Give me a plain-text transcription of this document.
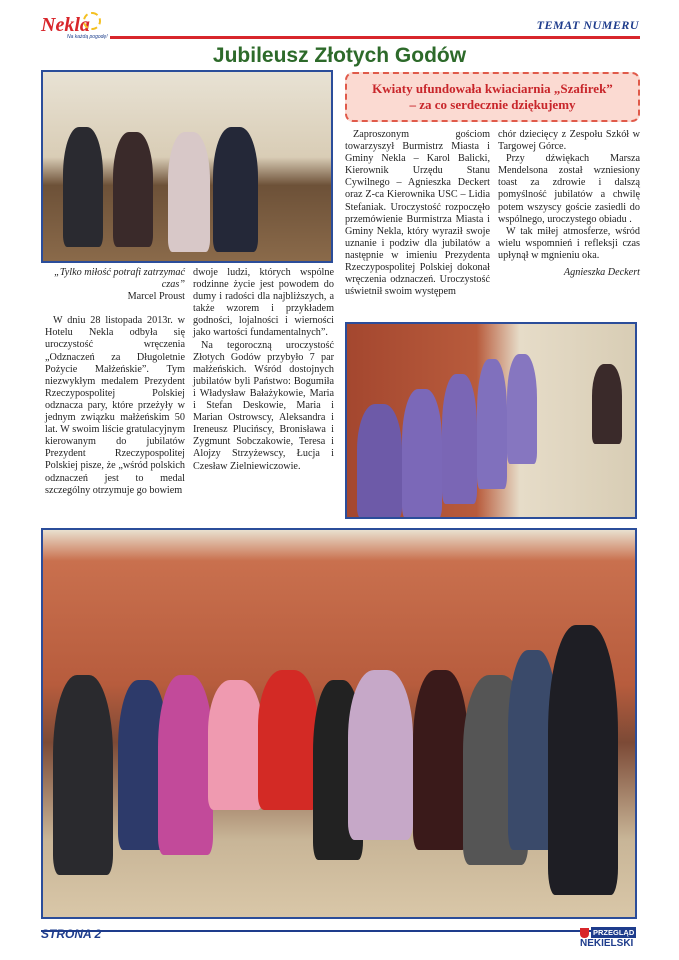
Nekla
Na każdą pogodę!
TEMAT NUMERU
Jubileusz Złotych Godów
Kwiaty ufundowała kwiaciarnia „Szafirek”
– za co serdecznie dziękujemy
„Tylko miłość potrafi zatrzymać czas”
Marcel Proust

W dniu 28 listopada 2013r. w Hotelu Nekla odbyła się uroczystość wręczenia „Odznaczeń za Długoletnie Pożycie Małżeńskie”. Tym niezwykłym medalem Prezydent Rzeczypospolitej Polskiej odznacza pary, które przeżyły w jednym związku małżeńskim 50 lat. W swoim liście gratulacyjnym kierowanym do jubilatów Prezydent Rzeczypospolitej Polskiej pisze, że „wśród polskich odznaczeń jest to medal szczególny otrzymuje go bowiem

dwoje ludzi, których wspólne rodzinne życie jest powodem do dumy i radości dla najbliższych, a także wzorem i przykładem godności, lojalności i wierności jako wartości fundamentalnych”.

Na tegoroczną uroczystość Złotych Godów przybyło 7 par małżeńskich. Wśród dostojnych jubilatów byli Państwo: Bogumiła i Władysław Bałażykowie, Maria i Stefan Deskowie, Maria i Marian Ostrowscy, Aleksandra i Ireneusz Plucińscy, Bronisława i Zygmunt Sobczakowie, Teresa i Alojzy Strzyżewscy, Łucja i Czesław Zielniewiczowie.

Zaproszonym gościom towarzyszył Burmistrz Miasta i Gminy Nekla – Karol Balicki, Kierownik Urzędu Stanu Cywilnego – Agnieszka Deckert oraz Z-ca Kierownika USC – Lidia Stefaniak. Uroczystość rozpoczęło przemówienie Burmistrza Miasta i Gminy Nekla, który wyraził swoje uznanie i podziw dla jubilatów a następnie w imieniu Prezydenta Rzeczypospolitej Polskiej dokonał wręczenia odznaczeń. Uroczystość uświetnił swoim występem

chór dziecięcy z Zespołu Szkół w Targowej Górce.

Przy dźwiękach Marsza Mendelsona został wzniesiony toast za zdrowie i dalszą pomyślność jubilatów a chwilę potem wszyscy goście zasiedli do wspólnego, uroczystego obiadu .

W tak miłej atmosferze, wśród wielu wspomnień i refleksji czas upłynął w mgnieniu oka.

Agnieszka Deckert
STRONA 2	PRZEGLĄD
NEKIELSKI
